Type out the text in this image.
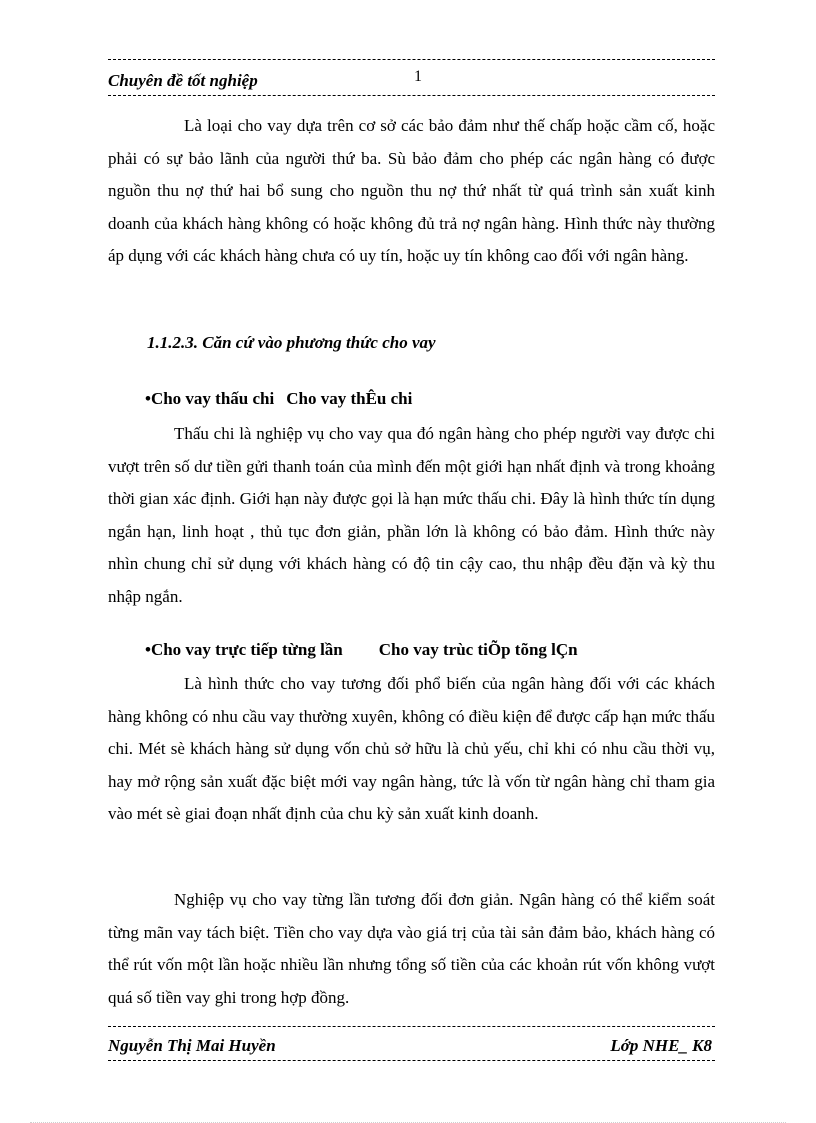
Chuyên đề tốt nghiệp	1
Là loại cho vay dựa trên cơ sở các bảo đảm như thế chấp hoặc cầm cố, hoặc phải có sự bảo lãnh của người thứ ba. Sù bảo đảm cho phép các ngân hàng có được nguồn thu nợ thứ hai bổ sung cho nguồn thu nợ thứ nhất từ quá trình sản xuất kinh doanh của khách hàng không có hoặc không đủ trả nợ ngân hàng. Hình thức này thường áp dụng với các khách hàng chưa có uy tín, hoặc uy tín không cao đối với ngân hàng.
1.1.2.3. Căn cứ vào phương thức cho vay
•Cho vay thấu chi Cho vay thÊu chi
Thấu chi là nghiệp vụ cho vay qua đó ngân hàng cho phép người vay được chi vượt trên số dư tiền gửi thanh toán của mình đến một giới hạn nhất định và trong khoảng thời gian xác định. Giới hạn này được gọi là hạn mức thấu chi. Đây là hình thức tín dụng ngắn hạn, linh hoạt , thủ tục đơn giản, phần lớn là không có bảo đảm. Hình thức này nhìn chung chỉ sử dụng với khách hàng có độ tin cậy cao, thu nhập đều đặn và kỳ thu nhập ngắn.
•Cho vay trực tiếp từng lần Cho vay trùc tiÕp tõng lÇn
Là hình thức cho vay tương đối phổ biến của ngân hàng đối với các khách hàng không có nhu cầu vay thường xuyên, không có điều kiện để được cấp hạn mức thấu chi. Mét sè khách hàng sử dụng vốn chủ sở hữu là chủ yếu, chỉ khi có nhu cầu thời vụ, hay mở rộng sản xuất đặc biệt mới vay ngân hàng, tức là vốn từ ngân hàng chỉ tham gia vào mét sè giai đoạn nhất định của chu kỳ sản xuất kinh doanh.
Nghiệp vụ cho vay từng lần tương đối đơn giản. Ngân hàng có thể kiểm soát từng mãn vay tách biệt. Tiền cho vay dựa vào giá trị của tài sản đảm bảo, khách hàng có thể rút vốn một lần hoặc nhiều lần nhưng tổng số tiền của các khoản rút vốn không vượt quá số tiền vay ghi trong hợp đồng.
Nguyễn Thị Mai Huyền	Lớp NHE_ K8
